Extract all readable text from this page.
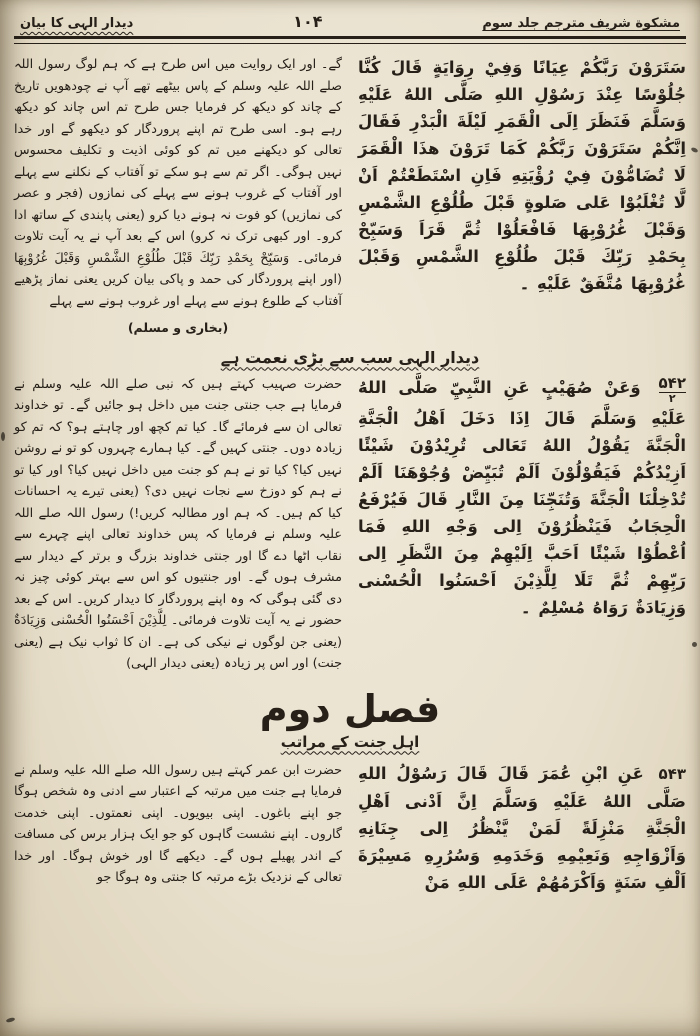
مشکوة شریف مترجم جلد سوم
۱۰۴
دیدار الہی کا بیان
سَتَرَوْنَ رَبَّكُمْ عِيَانًا وَفِيْ رِوَايَةٍ قَالَ كُنَّا جُلُوْسًا عِنْدَ رَسُوْلِ اللهِ صَلَّى اللهُ عَلَيْهِ وَسَلَّمَ فَنَظَرَ اِلَى الْقَمَرِ لَيْلَةَ الْبَدْرِ فَقَالَ اِنَّكُمْ سَتَرَوْنَ رَبَّكُمْ كَمَا تَرَوْنَ هذَا الْقَمَرَ لَا تُضَامُّوْنَ فِيْ رُؤْيَتِهِ فَاِنِ اسْتَطَعْتُمْ اَنْ لَّا تُغْلَبُوْا عَلى صَلوةٍ قَبْلَ طُلُوْعِ الشَّمْسِ وَقَبْلَ غُرُوْبِهَا فَافْعَلُوْا ثُمَّ قَرَاَ وَسَبِّحْ بِحَمْدِ رَبِّكَ قَبْلَ طُلُوْعِ الشَّمْسِ وَقَبْلَ غُرُوْبِهَا مُتَّفَقٌ عَلَيْهِ ۔
گے۔ اور ایک روایت میں اس طرح ہے کہ ہم لوگ رسول اللہ صلے اللہ علیہ وسلم کے پاس بیٹھے تھے آپ نے چودھویں تاریخ کے چاند کو دیکھ کر فرمایا جس طرح تم اس چاند کو دیکھ رہے ہو۔ اسی طرح تم اپنے پروردگار کو دیکھو گے اور خدا تعالی کو دیکھنے میں تم کو کوئی اذیت و تکلیف محسوس نہیں ہوگی۔ اگر تم سے ہو سکے تو آفتاب کے نکلنے سے پہلے اور آفتاب کے غروب ہونے سے پہلے کی نمازوں (فجر و عصر کی نمازیں) کو فوت نہ ہونے دیا کرو (یعنی پابندی کے ساتھ ادا کرو۔ اور کبھی ترک نہ کرو) اس کے بعد آپ نے یہ آیت تلاوت فرمائی۔ وَسَبِّحْ بِحَمْدِ رَبِّكَ قَبْلَ طُلُوْعِ الشَّمْسِ وَقَبْلَ غُرُوْبِهَا (اور اپنے پروردگار کی حمد و پاکی بیان کریں یعنی نماز پڑھیے آفتاب کے طلوع ہونے سے پہلے اور غروب ہونے سے پہلے
(بخاری و مسلم)
دیدار الہی سب سے بڑی نعمت ہے
۵۴۲
۲
وَعَنْ صُهَيْبٍ عَنِ النَّبِيِّ صَلَّى اللهُ عَلَيْهِ وَسَلَّمَ قَالَ اِذَا دَخَلَ اَهْلُ الْجَنَّةِ الْجَنَّةَ يَقُوْلُ اللهُ تَعَالى تُرِيْدُوْنَ شَيْئًا اَزِيْدُكُمْ فَيَقُوْلُوْنَ اَلَمْ تُبَيِّضْ وُجُوْهَنَا اَلَمْ تُدْخِلْنَا الْجَنَّةَ وَتُنَجِّنَا مِنَ النَّارِ قَالَ فَيُرْفَعُ الْحِجَابُ فَيَنْظُرُوْنَ اِلى وَجْهِ اللهِ فَمَا اُعْطُوْا شَيْئًا اَحَبَّ اِلَيْهِمْ مِنَ النَّظَرِ اِلى رَبِّهِمْ ثُمَّ تَلَا لِلَّذِيْنَ اَحْسَنُوا الْحُسْنى وَزِيَادَةٌ رَوَاهُ مُسْلِمٌ ۔
حضرت صہیب کہتے ہیں کہ نبی صلے اللہ علیہ وسلم نے فرمایا ہے جب جنتی جنت میں داخل ہو جائیں گے۔ تو خداوند تعالی ان سے فرمائے گا۔ کیا تم کچھ اور چاہتے ہو؟ کہ تم کو زیادہ دوں۔ جنتی کہیں گے۔ کیا ہمارے چہروں کو تو نے روشن نہیں کیا؟ کیا تو نے ہم کو جنت میں داخل نہیں کیا؟ اور کیا تو نے ہم کو دوزخ سے نجات نہیں دی؟ (یعنی تیرے یہ احسانات کیا کم ہیں۔ کہ ہم اور مطالبہ کریں!) رسول اللہ صلے اللہ علیہ وسلم نے فرمایا کہ پس خداوند تعالی اپنے چہرے سے نقاب اٹھا دے گا اور جنتی خداوند بزرگ و برتر کے دیدار سے مشرف ہوں گے۔ اور جنتیوں کو اس سے بہتر کوئی چیز نہ دی گئی ہوگی کہ وہ اپنے پروردگار کا دیدار کریں۔ اس کے بعد حضور نے یہ آیت تلاوت فرمائی۔ لِلَّذِيْنَ اَحْسَنُوا الْحُسْنى وَزِيَادَةٌ (یعنی جن لوگوں نے نیکی کی ہے۔ ان کا ثواب نیک ہے (یعنی جنت) اور اس پر زیادہ (یعنی دیدار الہی)
فصل دوم
اہل جنت کے مراتب
۵۴۳ عَنِ ابْنِ عُمَرَ قَالَ قَالَ رَسُوْلُ اللهِ صَلَّى اللهُ عَلَيْهِ وَسَلَّمَ اِنَّ اَدْنى اَهْلِ الْجَنَّةِ مَنْزِلَةً لَمَنْ يَّنْظُرُ اِلى جِنَانِهِ وَاَزْوَاجِهِ وَنَعِيْمِهِ وَخَدَمِهِ وَسُرُرِهِ مَسِيْرَةَ اَلْفِ سَنَةٍ وَاَكْرَمُهُمْ عَلَى اللهِ مَنْ
حضرت ابن عمر کہتے ہیں رسول اللہ صلے اللہ علیہ وسلم نے فرمایا ہے جنت میں مرتبہ کے اعتبار سے ادنی وہ شخص ہوگا جو اپنے باغوں۔ اپنی بیویوں۔ اپنی نعمتوں۔ اپنی خدمت گاروں۔ اپنے نشست گاہوں کو جو ایک ہزار برس کی مسافت کے اندر پھیلے ہوں گے۔ دیکھے گا اور خوش ہوگا۔ اور خدا تعالی کے نزدیک بڑے مرتبہ کا جنتی وہ ہوگا جو
